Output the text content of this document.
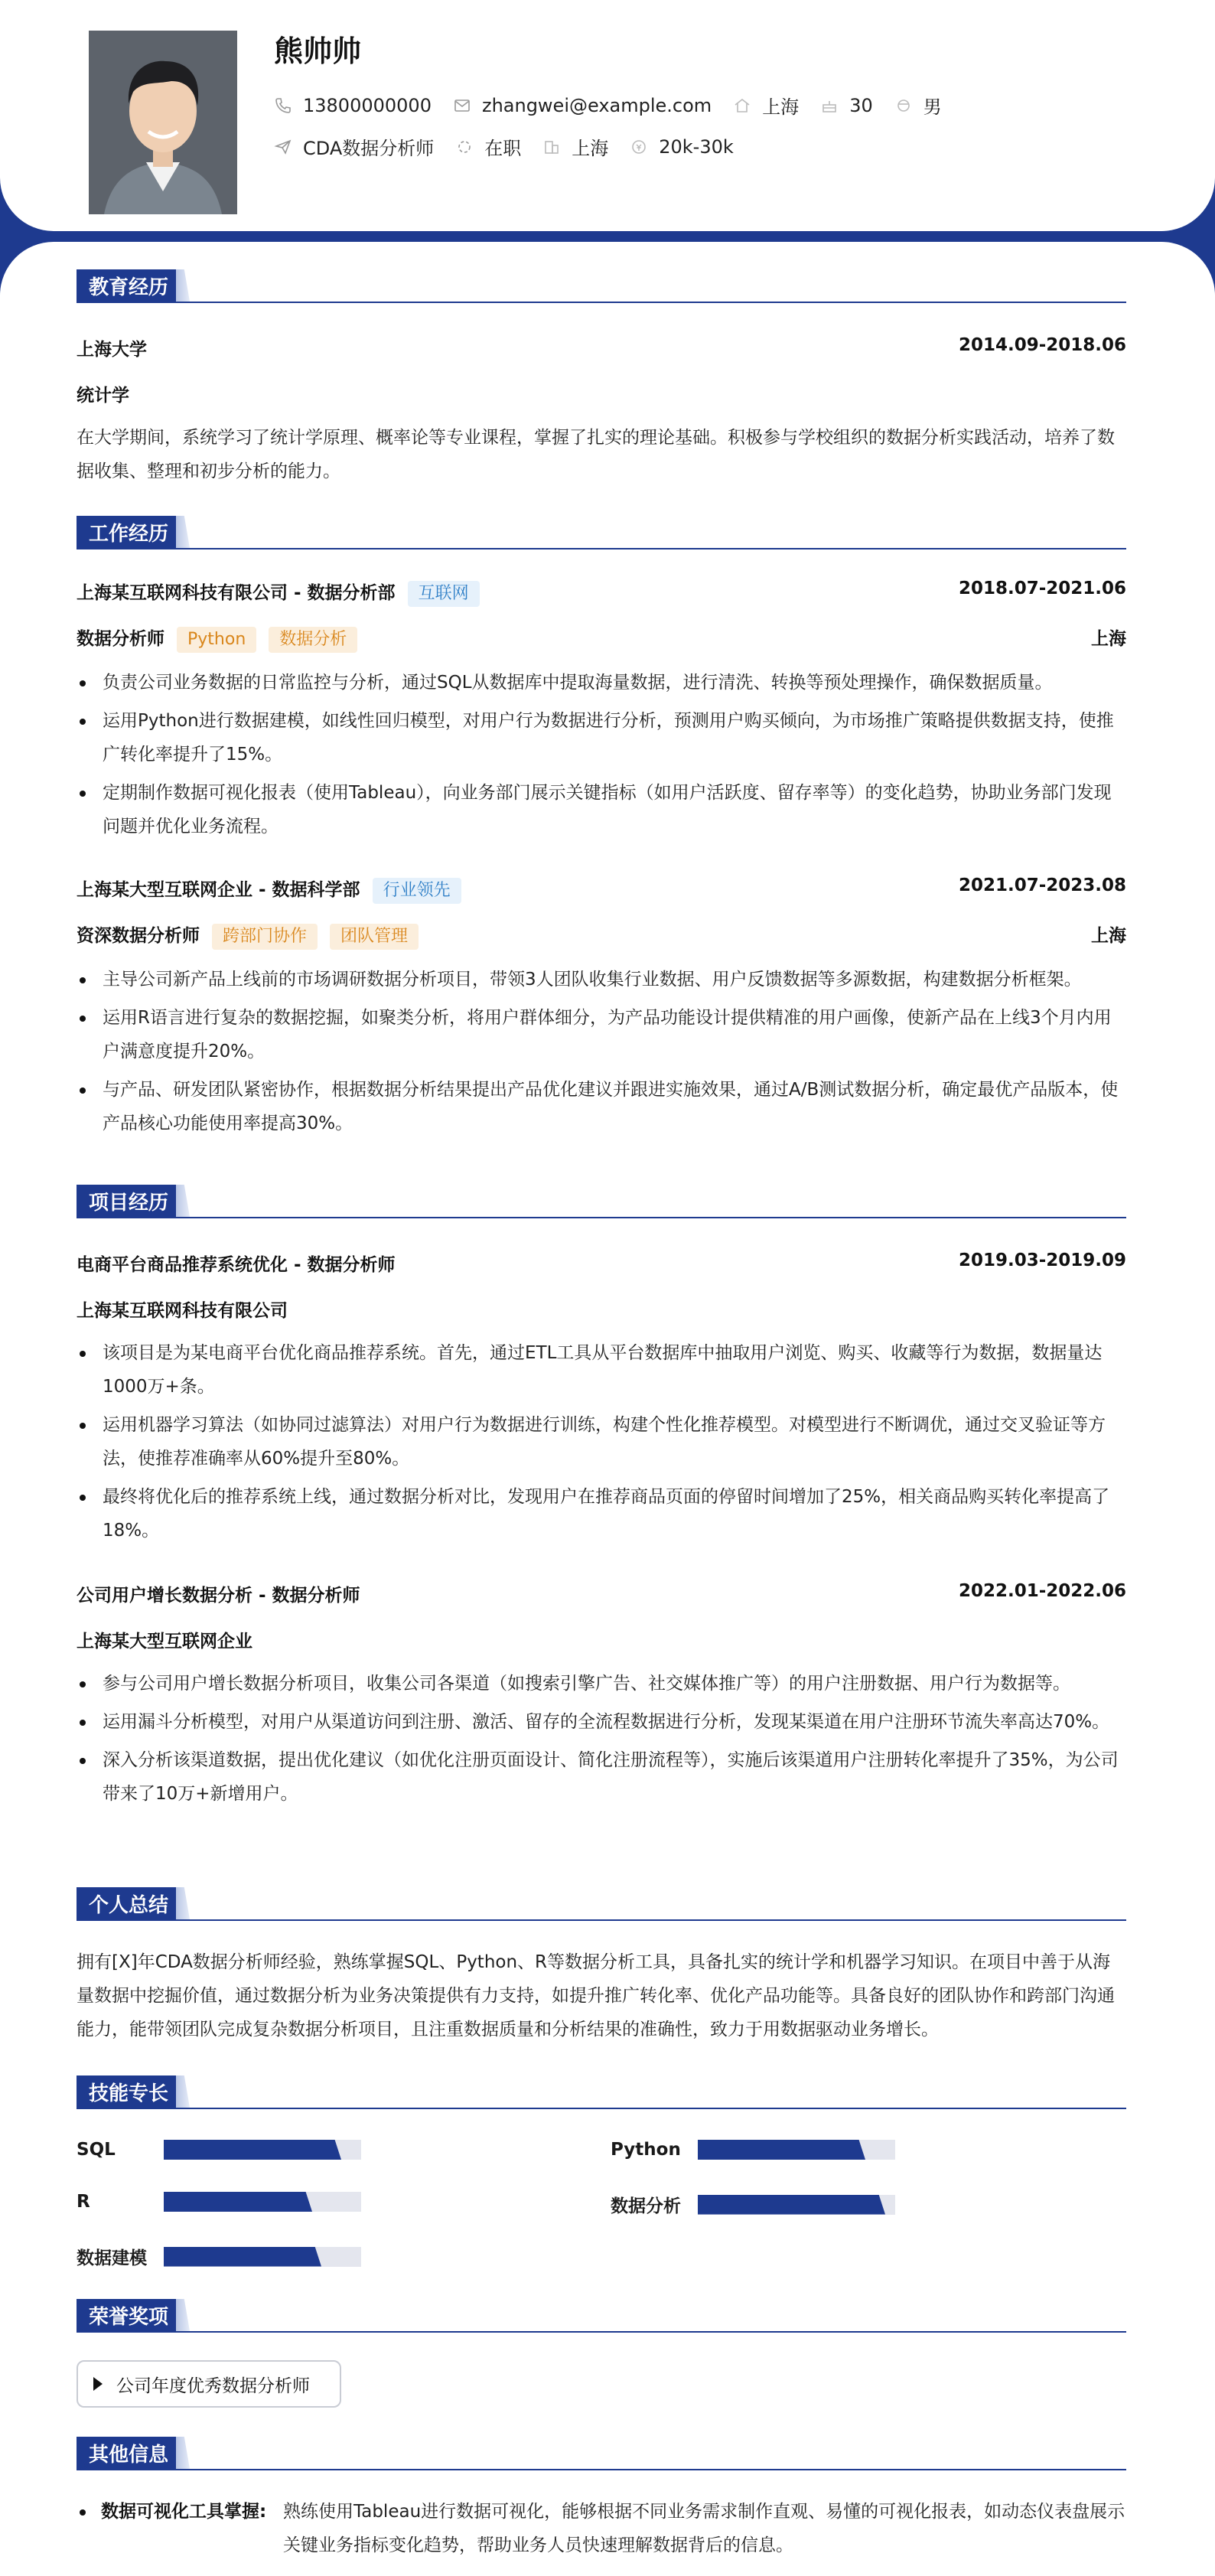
熊帅帅
13800000000	zhangwei@example.com	上海	30	男
CDA数据分析师	在职	上海	20k-30k
教育经历
上海大学	2014.09-2018.06
统计学
在大学期间，系统学习了统计学原理、概率论等专业课程，掌握了扎实的理论基础。积极参与学校组织的数据分析实践活动，培养了数据收集、整理和初步分析的能力。
工作经历
上海某互联网科技有限公司 - 数据分析部 互联网	2018.07-2021.06
数据分析师 Python 数据分析	上海
负责公司业务数据的日常监控与分析，通过SQL从数据库中提取海量数据，进行清洗、转换等预处理操作，确保数据质量。
运用Python进行数据建模，如线性回归模型，对用户行为数据进行分析，预测用户购买倾向，为市场推广策略提供数据支持，使推广转化率提升了15%。
定期制作数据可视化报表（使用Tableau），向业务部门展示关键指标（如用户活跃度、留存率等）的变化趋势，协助业务部门发现问题并优化业务流程。
上海某大型互联网企业 - 数据科学部 行业领先	2021.07-2023.08
资深数据分析师 跨部门协作 团队管理	上海
主导公司新产品上线前的市场调研数据分析项目，带领3人团队收集行业数据、用户反馈数据等多源数据，构建数据分析框架。
运用R语言进行复杂的数据挖掘，如聚类分析，将用户群体细分，为产品功能设计提供精准的用户画像，使新产品在上线3个月内用户满意度提升20%。
与产品、研发团队紧密协作，根据数据分析结果提出产品优化建议并跟进实施效果，通过A/B测试数据分析，确定最优产品版本，使产品核心功能使用率提高30%。
项目经历
电商平台商品推荐系统优化 - 数据分析师	2019.03-2019.09
上海某互联网科技有限公司
该项目是为某电商平台优化商品推荐系统。首先，通过ETL工具从平台数据库中抽取用户浏览、购买、收藏等行为数据，数据量达1000万+条。
运用机器学习算法（如协同过滤算法）对用户行为数据进行训练，构建个性化推荐模型。对模型进行不断调优，通过交叉验证等方法，使推荐准确率从60%提升至80%。
最终将优化后的推荐系统上线，通过数据分析对比，发现用户在推荐商品页面的停留时间增加了25%，相关商品购买转化率提高了18%。
公司用户增长数据分析 - 数据分析师	2022.01-2022.06
上海某大型互联网企业
参与公司用户增长数据分析项目，收集公司各渠道（如搜索引擎广告、社交媒体推广等）的用户注册数据、用户行为数据等。
运用漏斗分析模型，对用户从渠道访问到注册、激活、留存的全流程数据进行分析，发现某渠道在用户注册环节流失率高达70%。
深入分析该渠道数据，提出优化建议（如优化注册页面设计、简化注册流程等），实施后该渠道用户注册转化率提升了35%，为公司带来了10万+新增用户。
个人总结
拥有[X]年CDA数据分析师经验，熟练掌握SQL、Python、R等数据分析工具，具备扎实的统计学和机器学习知识。在项目中善于从海量数据中挖掘价值，通过数据分析为业务决策提供有力支持，如提升推广转化率、优化产品功能等。具备良好的团队协作和跨部门沟通能力，能带领团队完成复杂数据分析项目，且注重数据质量和分析结果的准确性，致力于用数据驱动业务增长。
技能专长
SQL	Python
R	数据分析
数据建模
荣誉奖项
公司年度优秀数据分析师
其他信息
数据可视化工具掌握: 熟练使用Tableau进行数据可视化，能够根据不同业务需求制作直观、易懂的可视化报表，如动态仪表盘展示关键业务指标变化趋势，帮助业务人员快速理解数据背后的信息。
